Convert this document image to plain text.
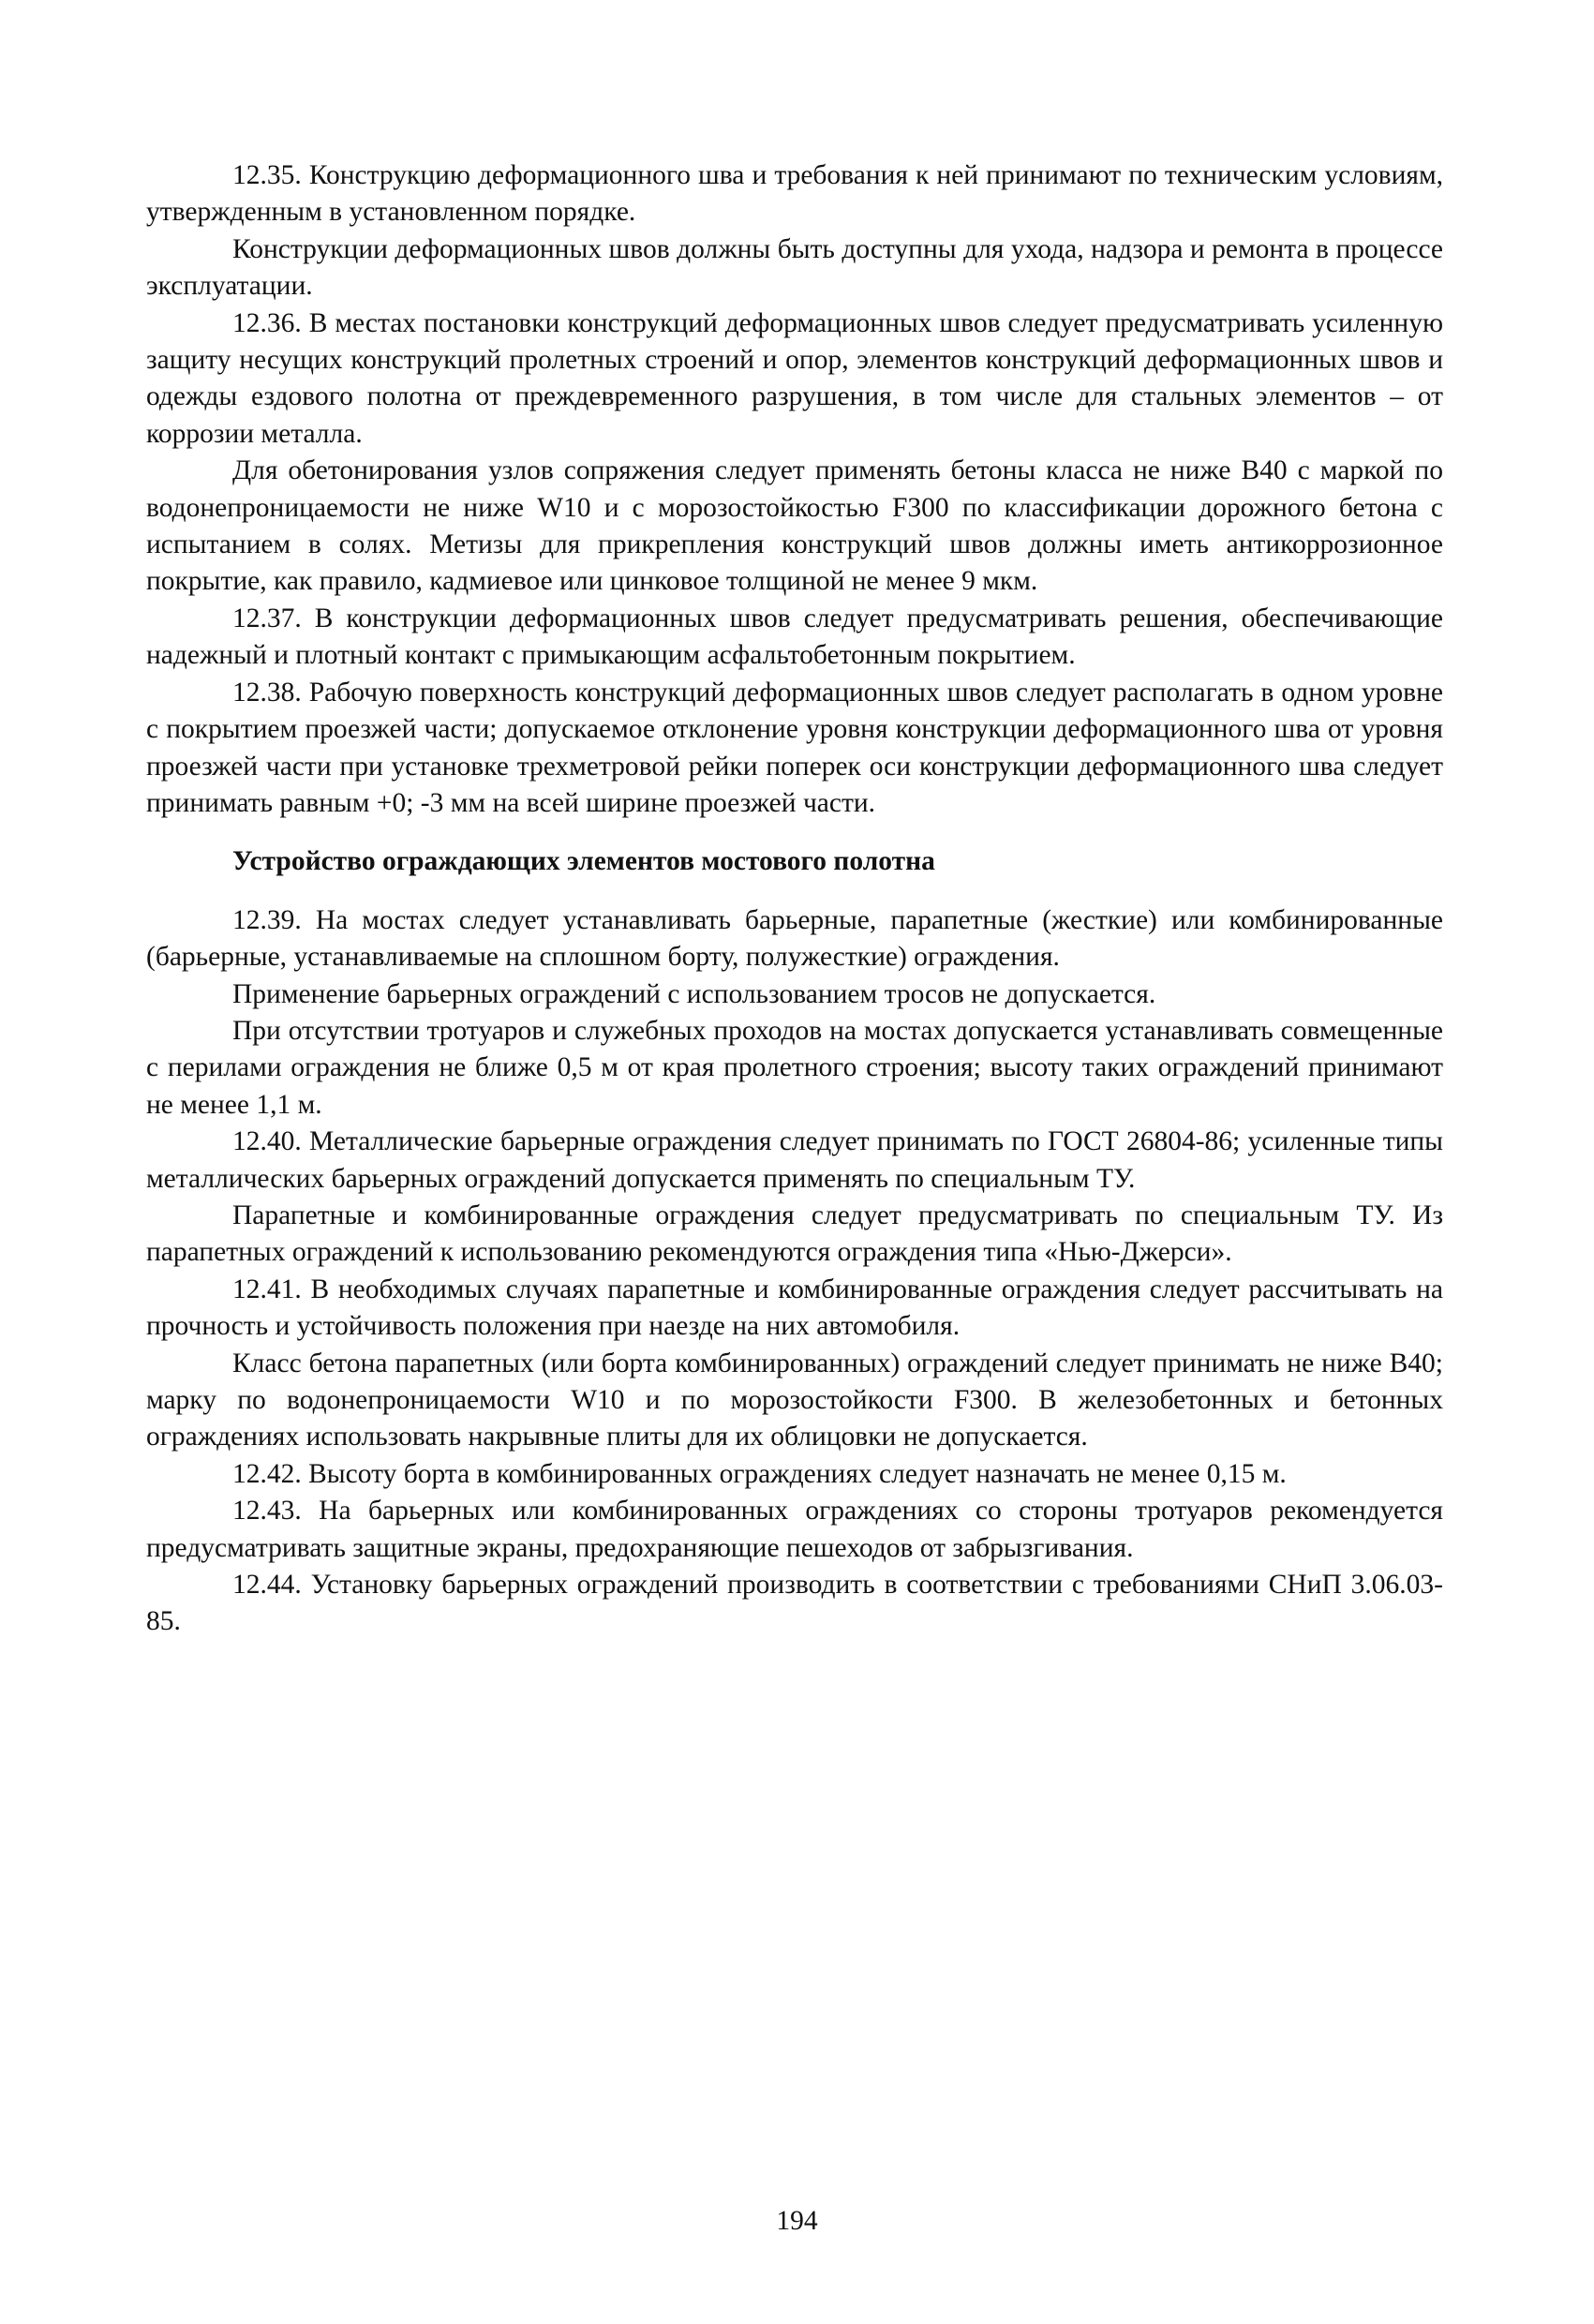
12.35. Конструкцию деформационного шва и требования к ней принимают по техническим условиям, утвержденным в установленном порядке.

Конструкции деформационных швов должны быть доступны для ухода, надзора и ремонта в процессе эксплуатации.

12.36. В местах постановки конструкций деформационных швов следует предусматривать усиленную защиту несущих конструкций пролетных строений и опор, элементов конструкций деформационных швов и одежды ездового полотна от преждевременного разрушения, в том числе для стальных элементов – от коррозии металла.

Для обетонирования узлов сопряжения следует применять бетоны класса не ниже В40 с маркой по водонепроницаемости не ниже W10 и с морозостойкостью F300 по классификации дорожного бетона с испытанием в солях. Метизы для прикрепления конструкций швов должны иметь антикоррозионное покрытие, как правило, кадмиевое или цинковое толщиной не менее 9 мкм.

12.37. В конструкции деформационных швов следует предусматривать решения, обеспечивающие надежный и плотный контакт с примыкающим асфальтобетонным покрытием.

12.38. Рабочую поверхность конструкций деформационных швов следует располагать в одном уровне с покрытием проезжей части; допускаемое отклонение уровня конструкции деформационного шва от уровня проезжей части при установке трехметровой рейки поперек оси конструкции деформационного шва следует принимать равным +0; -3 мм на всей ширине проезжей части.

Устройство ограждающих элементов мостового полотна

12.39. На мостах следует устанавливать барьерные, парапетные (жесткие) или комбинированные (барьерные, устанавливаемые на сплошном борту, полужесткие) ограждения.

Применение барьерных ограждений с использованием тросов не допускается.

При отсутствии тротуаров и служебных проходов на мостах допускается устанавливать совмещенные с перилами ограждения не ближе 0,5 м от края пролетного строения; высоту таких ограждений принимают не менее 1,1 м.

12.40. Металлические барьерные ограждения следует принимать по ГОСТ 26804-86; усиленные типы металлических барьерных ограждений допускается применять по специальным ТУ.

Парапетные и комбинированные ограждения следует предусматривать по специальным ТУ. Из парапетных ограждений к использованию рекомендуются ограждения типа «Нью-Джерси».

12.41. В необходимых случаях парапетные и комбинированные ограждения следует рассчитывать на прочность и устойчивость положения при наезде на них автомобиля.

Класс бетона парапетных (или борта комбинированных) ограждений следует принимать не ниже В40; марку по водонепроницаемости W10 и по морозостойкости F300. В железобетонных и бетонных ограждениях использовать накрывные плиты для их облицовки не допускается.

12.42. Высоту борта в комбинированных ограждениях следует назначать не менее 0,15 м.

12.43. На барьерных или комбинированных ограждениях со стороны тротуаров рекомендуется предусматривать защитные экраны, предохраняющие пешеходов от забрызгивания.

12.44. Установку барьерных ограждений производить в соответствии с требованиями СНиП 3.06.03-85.

194
